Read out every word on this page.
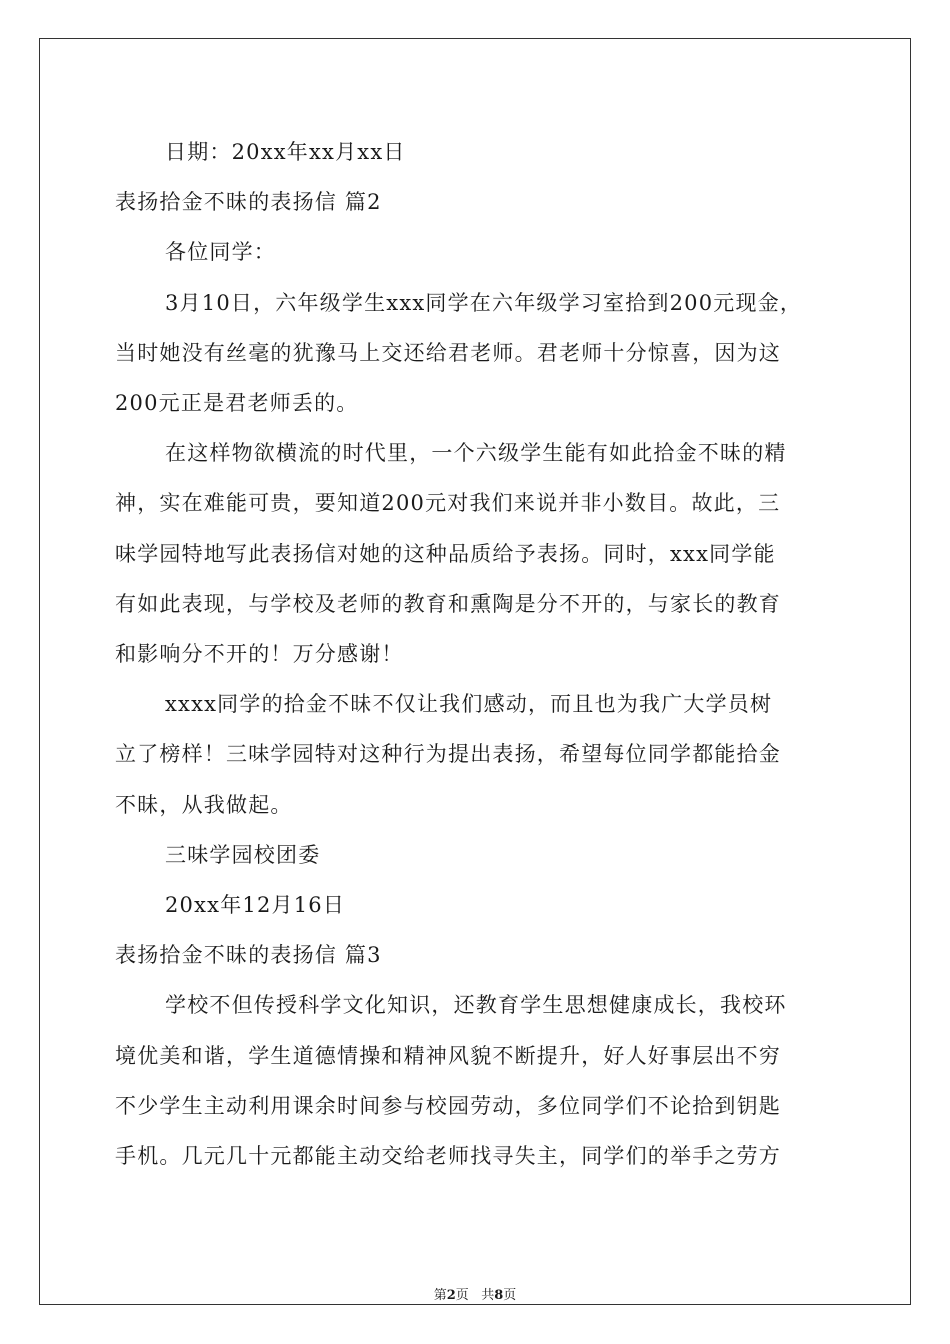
日期：20xx年xx月xx日
表扬拾金不昧的表扬信 篇2
各位同学：
3月10日，六年级学生xxx同学在六年级学习室拾到200元现金，
当时她没有丝毫的犹豫马上交还给君老师。君老师十分惊喜，因为这
200元正是君老师丢的。
在这样物欲横流的时代里，一个六级学生能有如此拾金不昧的精
神，实在难能可贵，要知道200元对我们来说并非小数目。故此，三
味学园特地写此表扬信对她的这种品质给予表扬。同时，xxx同学能
有如此表现，与学校及老师的教育和熏陶是分不开的，与家长的教育
和影响分不开的！万分感谢！
xxxx同学的拾金不昧不仅让我们感动，而且也为我广大学员树
立了榜样！三味学园特对这种行为提出表扬，希望每位同学都能拾金
不昧，从我做起。
三味学园校团委
20xx年12月16日
表扬拾金不昧的表扬信 篇3
学校不但传授科学文化知识，还教育学生思想健康成长，我校环
境优美和谐，学生道德情操和精神风貌不断提升，好人好事层出不穷
不少学生主动利用课余时间参与校园劳动，多位同学们不论拾到钥匙
手机。几元几十元都能主动交给老师找寻失主，同学们的举手之劳方
第2页 共8页
